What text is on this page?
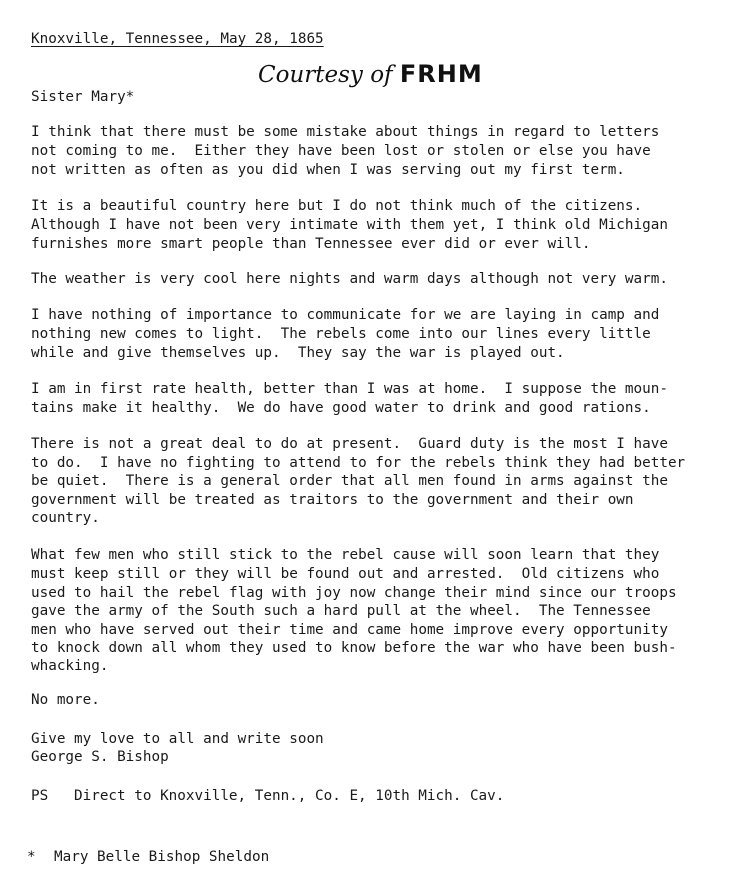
Knoxville, Tennessee, May 28, 1865
Courtesy of FRHM
Sister Mary*
I think that there must be some mistake about things in regard to letters
not coming to me.  Either they have been lost or stolen or else you have
not written as often as you did when I was serving out my first term.
It is a beautiful country here but I do not think much of the citizens.
Although I have not been very intimate with them yet, I think old Michigan
furnishes more smart people than Tennessee ever did or ever will.
The weather is very cool here nights and warm days although not very warm.
I have nothing of importance to communicate for we are laying in camp and
nothing new comes to light.  The rebels come into our lines every little
while and give themselves up.  They say the war is played out.
I am in first rate health, better than I was at home.  I suppose the moun-
tains make it healthy.  We do have good water to drink and good rations.
There is not a great deal to do at present.  Guard duty is the most I have
to do.  I have no fighting to attend to for the rebels think they had better
be quiet.  There is a general order that all men found in arms against the
government will be treated as traitors to the government and their own
country.
What few men who still stick to the rebel cause will soon learn that they
must keep still or they will be found out and arrested.  Old citizens who
used to hail the rebel flag with joy now change their mind since our troops
gave the army of the South such a hard pull at the wheel.  The Tennessee
men who have served out their time and came home improve every opportunity
to knock down all whom they used to know before the war who have been bush-
whacking.
No more.
Give my love to all and write soon
George S. Bishop
PS Direct to Knoxville, Tenn., Co. E, 10th Mich. Cav.
* Mary Belle Bishop Sheldon
